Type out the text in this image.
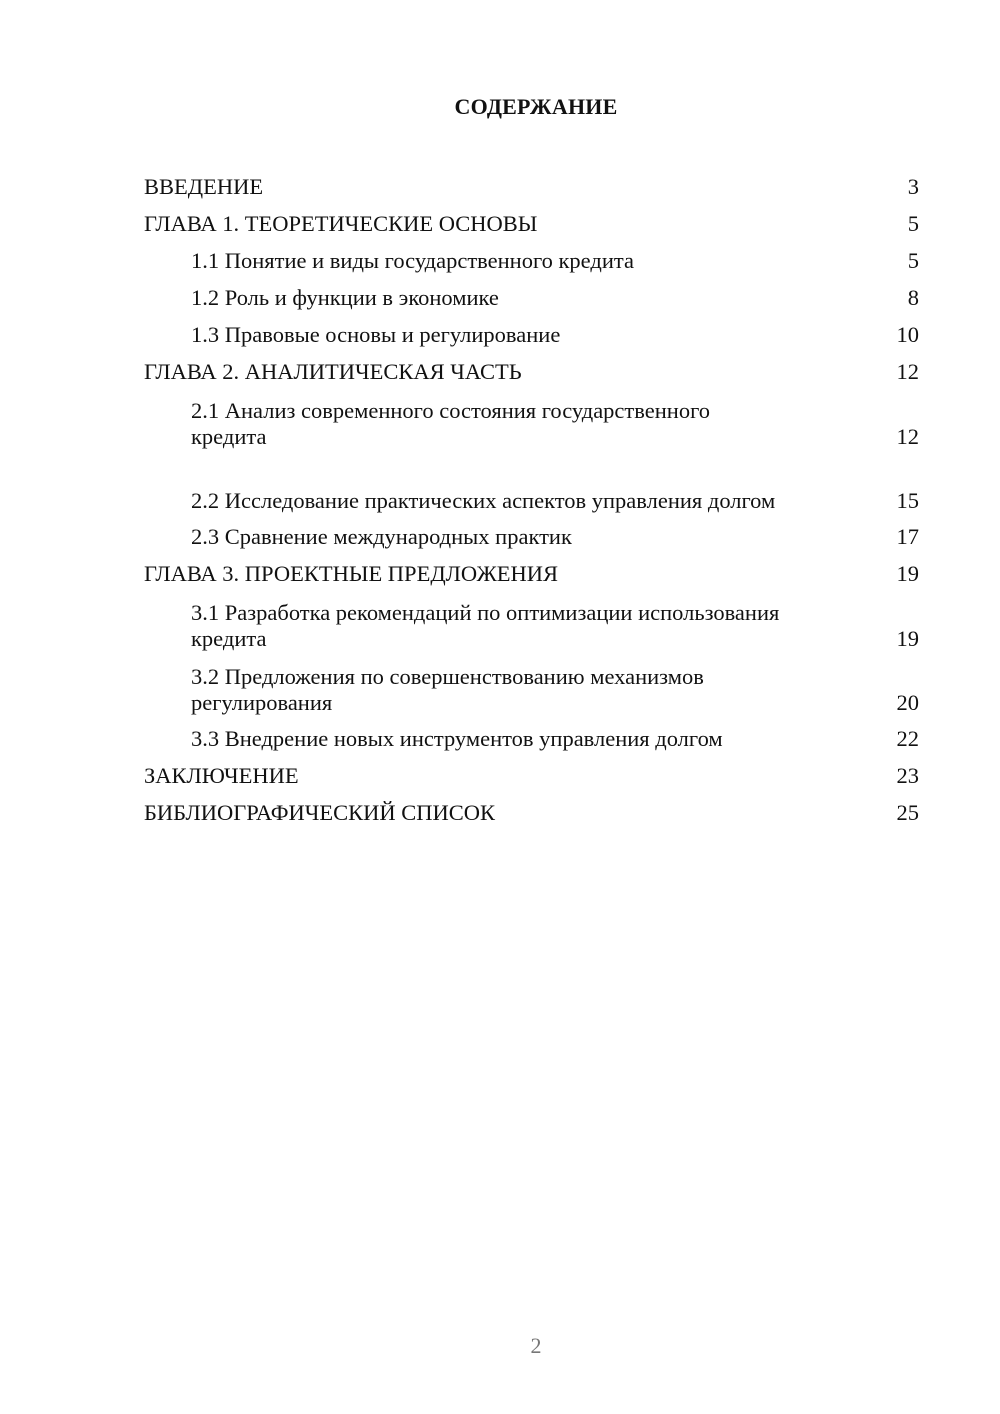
СОДЕРЖАНИЕ
ВВЕДЕНИЕ	3
ГЛАВА 1. ТЕОРЕТИЧЕСКИЕ ОСНОВЫ	5
1.1 Понятие и виды государственного кредита	5
1.2 Роль и функции в экономике	8
1.3 Правовые основы и регулирование	10
ГЛАВА 2. АНАЛИТИЧЕСКАЯ ЧАСТЬ	12
2.1 Анализ современного состояния государственного кредита	12
2.2 Исследование практических аспектов управления долгом	15
2.3 Сравнение международных практик	17
ГЛАВА 3. ПРОЕКТНЫЕ ПРЕДЛОЖЕНИЯ	19
3.1 Разработка рекомендаций по оптимизации использования кредита	19
3.2 Предложения по совершенствованию механизмов регулирования	20
3.3 Внедрение новых инструментов управления долгом	22
ЗАКЛЮЧЕНИЕ	23
БИБЛИОГРАФИЧЕСКИЙ СПИСОК	25
2
